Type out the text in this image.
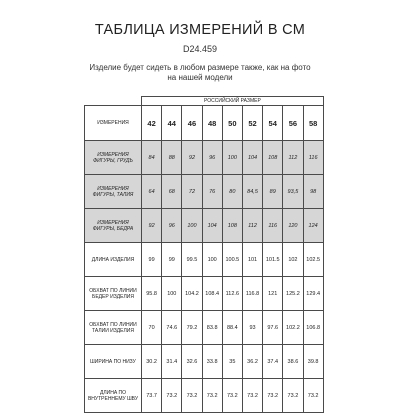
ТАБЛИЦА ИЗМЕРЕНИЙ В СМ
D24.459
Изделие будет сидеть в любом размере также, как на фото на нашей модели
	РОССИЙСКИЙ РАЗМЕР								
ИЗМЕРЕНИЯ	42	44	46	48	50	52	54	56	58
ИЗМЕРЕНИЯ ФИГУРЫ, ГРУДЬ	84	88	92	96	100	104	108	112	116
ИЗМЕРЕНИЯ ФИГУРЫ, ТАЛИЯ	64	68	72	76	80	84,5	89	93,5	98
ИЗМЕРЕНИЯ ФИГУРЫ, БЕДРА	92	96	100	104	108	112	116	120	124
ДЛИНА ИЗДЕЛИЯ	99	99	99.5	100	100.5	101	101.5	102	102.5
ОБХВАТ ПО ЛИНИИ БЕДЕР ИЗДЕЛИЯ	95.8	100	104.2	108.4	112.6	116.8	121	125.2	129.4
ОБХВАТ ПО ЛИНИИ ТАЛИИ ИЗДЕЛИЯ	70	74.6	79.2	83.8	88.4	93	97.6	102.2	106.8
ШИРИНА ПО НИЗУ	30.2	31.4	32.6	33.8	35	36.2	37.4	38.6	39.8
ДЛИНА ПО ВНУТРЕННЕМУ ШВУ	73.7	73.2	73.2	73.2	73.2	73.2	73.2	73.2	73.2
